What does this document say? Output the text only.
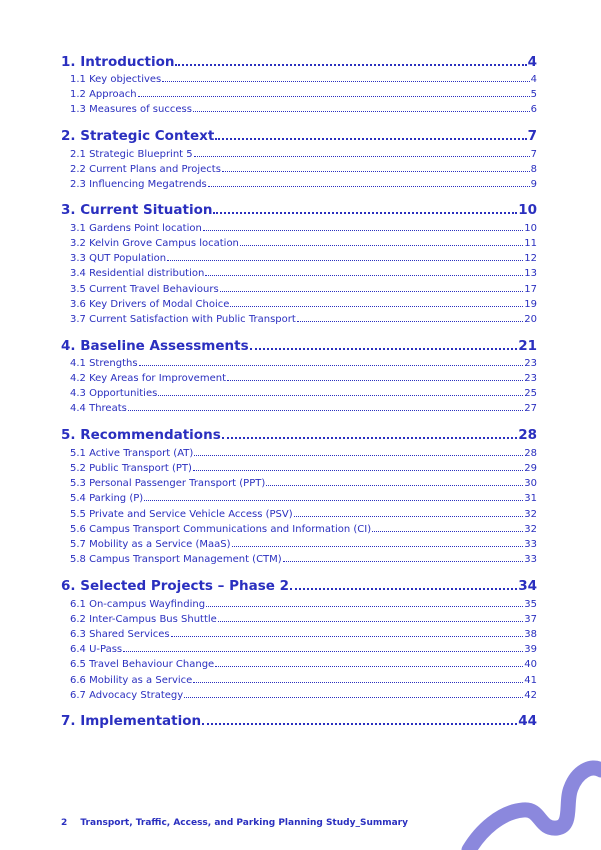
1. Introduction	4
1.1 Key objectives	4
1.2 Approach	5
1.3 Measures of success	6
2. Strategic Context	7
2.1 Strategic Blueprint 5	7
2.2 Current Plans and Projects	8
2.3 Influencing Megatrends	9
3. Current Situation	10
3.1 Gardens Point location	10
3.2 Kelvin Grove Campus location	11
3.3 QUT Population	12
3.4 Residential distribution	13
3.5 Current Travel Behaviours	17
3.6 Key Drivers of Modal Choice	19
3.7 Current Satisfaction with Public Transport	20
4. Baseline Assessments	21
4.1 Strengths	23
4.2 Key Areas for Improvement	23
4.3 Opportunities	25
4.4 Threats	27
5. Recommendations	28
5.1 Active Transport (AT)	28
5.2 Public Transport (PT)	29
5.3 Personal Passenger Transport (PPT)	30
5.4 Parking (P)	31
5.5 Private and Service Vehicle Access (PSV)	32
5.6 Campus Transport Communications and Information (CI)	32
5.7 Mobility as a Service (MaaS)	33
5.8 Campus Transport Management (CTM)	33
6. Selected Projects – Phase 2	34
6.1 On-campus Wayfinding	35
6.2 Inter-Campus Bus Shuttle	37
6.3 Shared Services	38
6.4 U-Pass	39
6.5 Travel Behaviour Change	40
6.6 Mobility as a Service	41
6.7 Advocacy Strategy	42
7. Implementation	44
2 Transport, Traffic, Access, and Parking Planning Study_Summary
